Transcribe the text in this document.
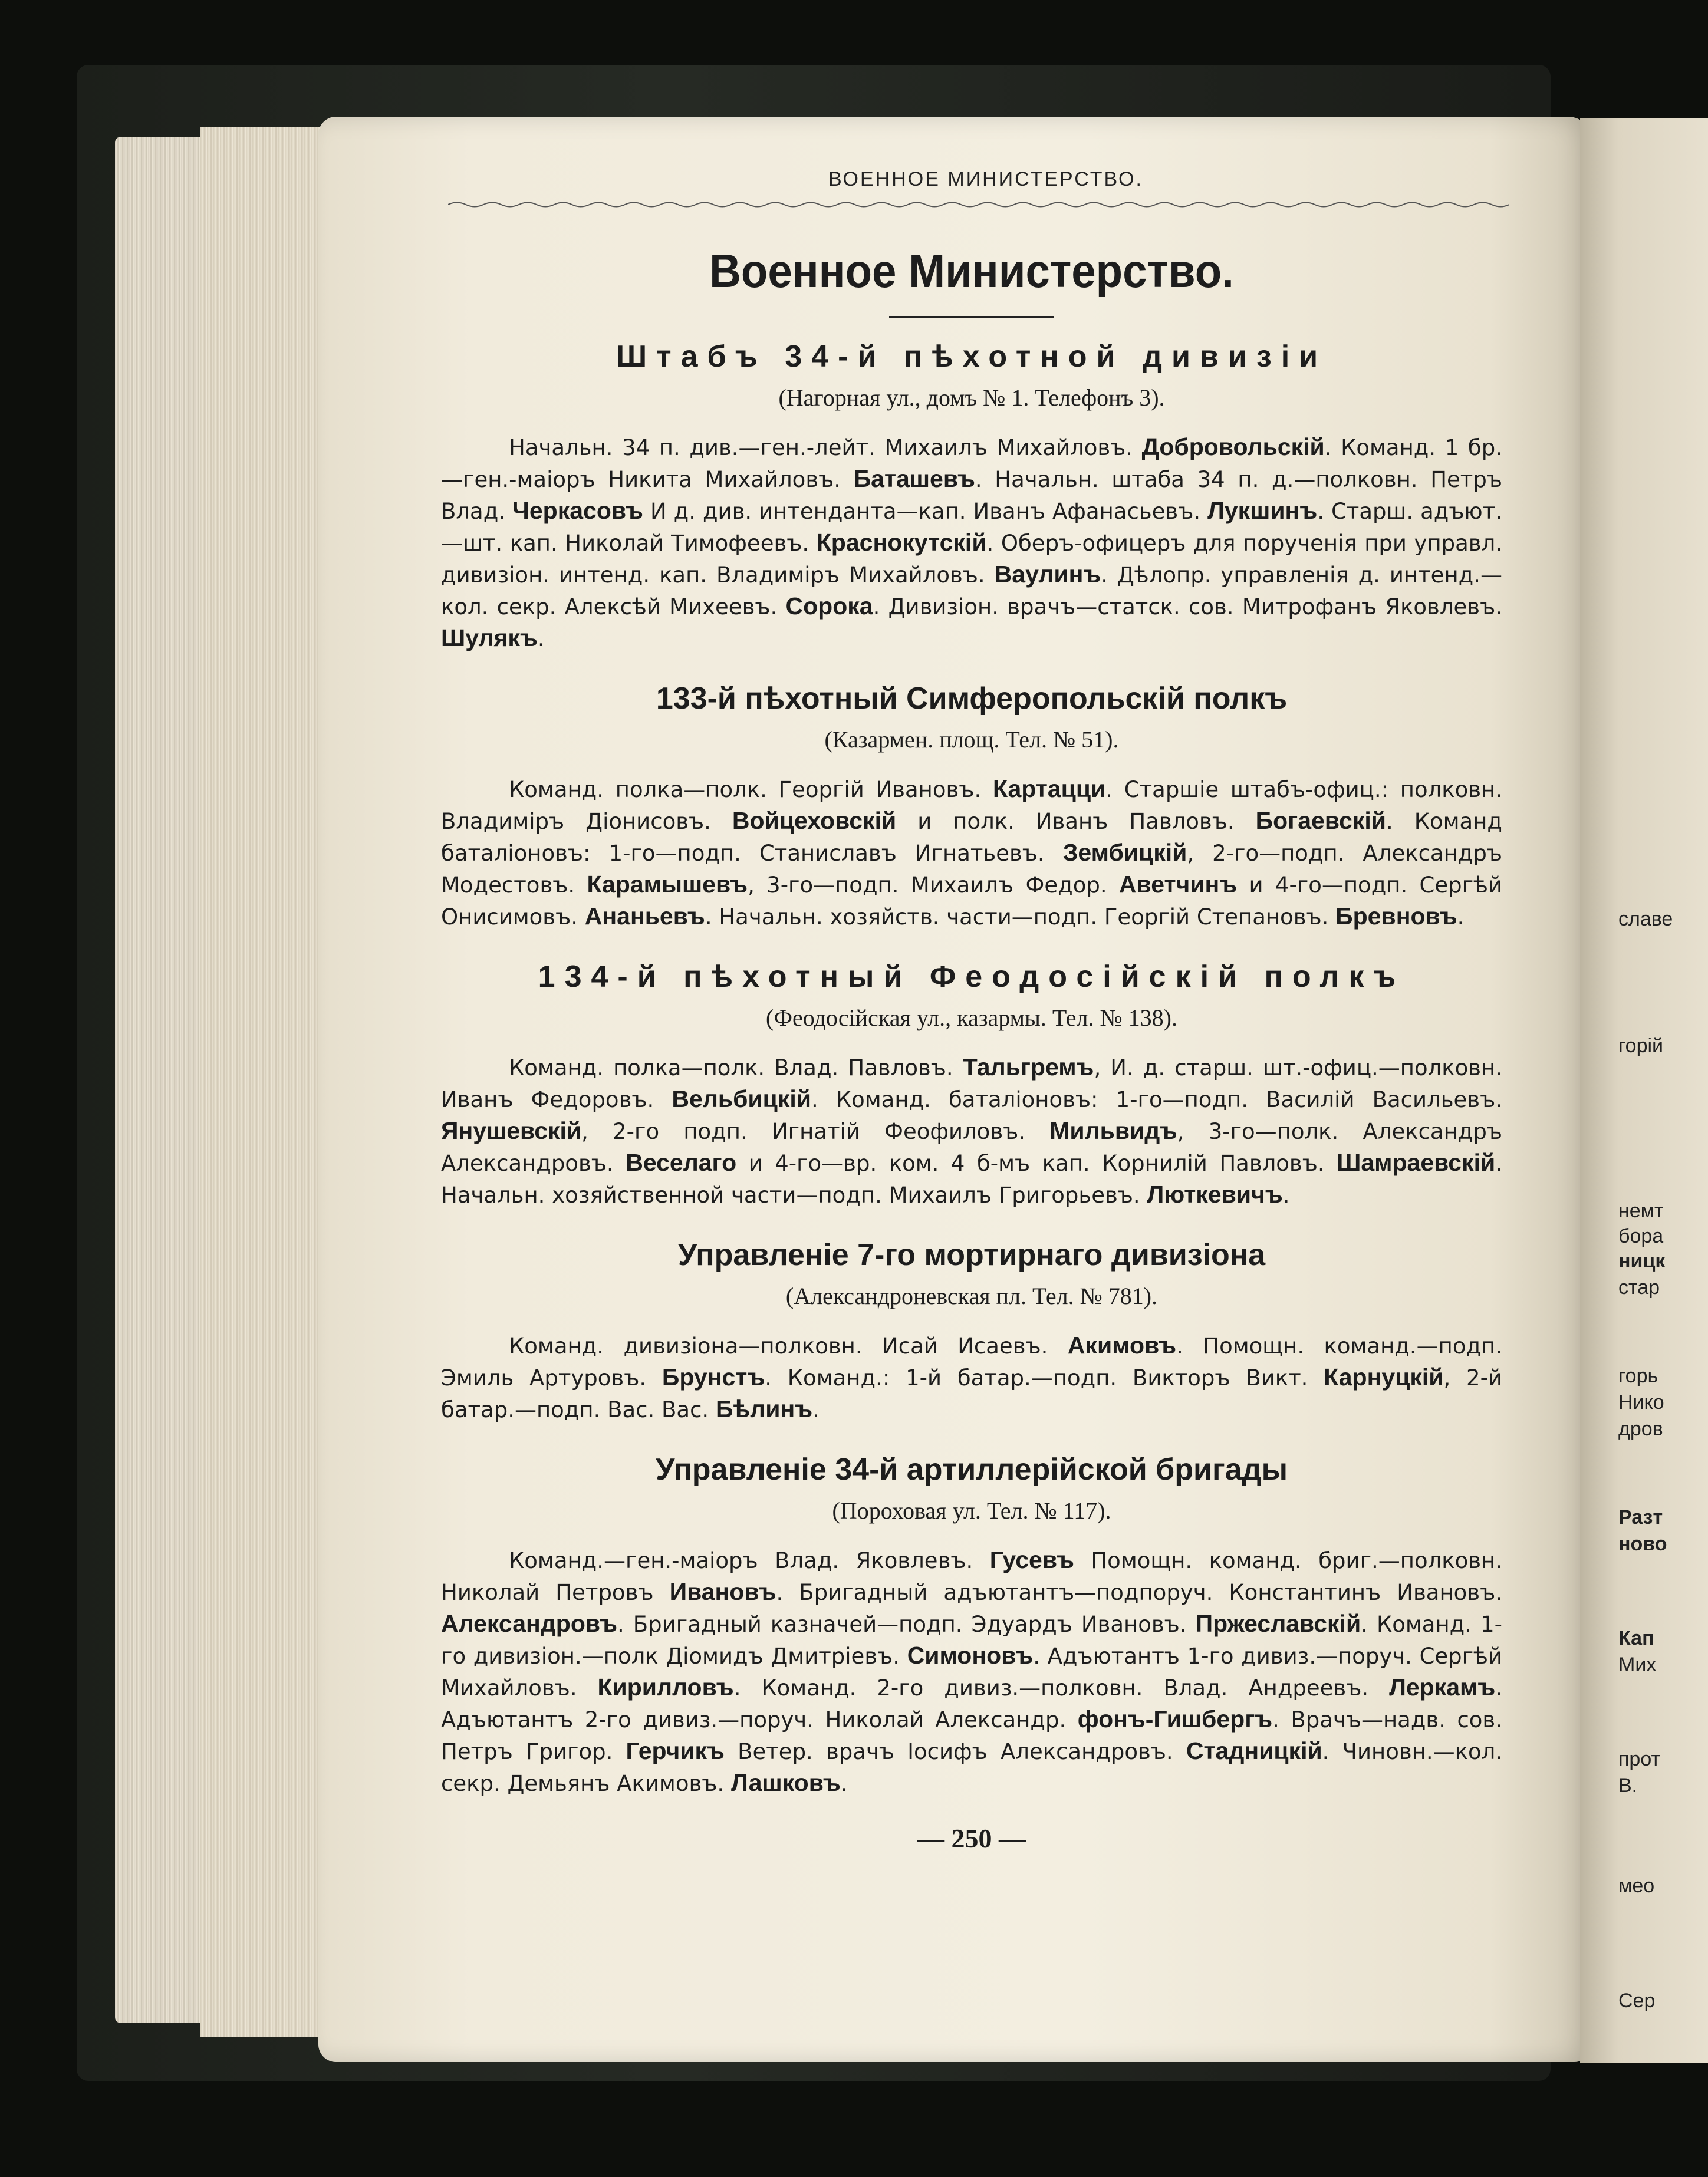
ВОЕННОЕ МИНИСТЕРСТВО.
Военное Министерство.
Штабъ 34-й пѣхотной дивизіи
(Нагорная ул., домъ № 1. Телефонъ 3).

Начальн. 34 п. див.—ген.-лейт. Михаилъ Михайловъ. Добровольскій. Команд. 1 бр.—ген.-маіоръ Никита Михайловъ. Баташевъ. Начальн. штаба 34 п. д.—полковн. Петръ Влад. Черкасовъ И д. див. интенданта—кап. Иванъ Афанасьевъ. Лукшинъ. Старш. адъют.—шт. кап. Николай Тимофеевъ. Краснокутскій. Оберъ-офицеръ для порученія при управл. дивизіон. интенд. кап. Владиміръ Михайловъ. Ваулинъ. Дѣлопр. управленія д. интенд.—кол. секр. Алексѣй Михеевъ. Сорока. Дивизіон. врачъ—статск. сов. Митрофанъ Яковлевъ. Шулякъ.

133-й пѣхотный Симферопольскій полкъ
(Казармен. площ. Тел. № 51).

Команд. полка—полк. Георгій Ивановъ. Картацци. Старшіе штабъ-офиц.: полковн. Владиміръ Діонисовъ. Войцеховскій и полк. Иванъ Павловъ. Богаевскій. Команд баталіоновъ: 1-го—подп. Станиславъ Игнатьевъ. Зембицкій, 2-го—подп. Александръ Модестовъ. Карамышевъ, 3-го—подп. Михаилъ Федор. Аветчинъ и 4-го—подп. Сергѣй Онисимовъ. Ананьевъ. Начальн. хозяйств. части—подп. Георгій Степановъ. Бревновъ.

134-й пѣхотный Феодосійскій полкъ
(Феодосійская ул., казармы. Тел. № 138).

Команд. полка—полк. Влад. Павловъ. Тальгремъ, И. д. старш. шт.-офиц.—полковн. Иванъ Федоровъ. Вельбицкій. Команд. баталіоновъ: 1-го—подп. Василій Васильевъ. Янушевскій, 2-го подп. Игнатій Феофиловъ. Мильвидъ, 3-го—полк. Александръ Александровъ. Веселаго и 4-го—вр. ком. 4 б-мъ кап. Корнилій Павловъ. Шамраевскій. Начальн. хозяйственной части—подп. Михаилъ Григорьевъ. Люткевичъ.

Управленіе 7-го мортирнаго дивизіона
(Александроневская пл. Тел. № 781).

Команд. дивизіона—полковн. Исай Исаевъ. Акимовъ. Помощн. команд.—подп. Эмиль Артуровъ. Брунстъ. Команд.: 1-й батар.—подп. Викторъ Викт. Карнуцкій, 2-й батар.—подп. Вас. Вас. Бѣлинъ.

Управленіе 34-й артиллерійской бригады
(Пороховая ул. Тел. № 117).

Команд.—ген.-маіоръ Влад. Яковлевъ. Гусевъ Помощн. команд. бриг.—полковн. Николай Петровъ Ивановъ. Бригадный адъютантъ—подпоруч. Константинъ Ивановъ. Александровъ. Бригадный казначей—подп. Эдуардъ Ивановъ. Пржеславскій. Команд. 1-го дивизіон.—полк Діомидъ Дмитріевъ. Симоновъ. Адъютантъ 1-го дивиз.—поруч. Сергѣй Михайловъ. Кирилловъ. Команд. 2-го дивиз.—полковн. Влад. Андреевъ. Леркамъ. Адъютантъ 2-го дивиз.—поруч. Николай Александр. фонъ-Гишбергъ. Врачъ—надв. сов. Петръ Григор. Герчикъ Ветер. врачъ Іосифъ Александровъ. Стадницкій. Чиновн.—кол. секр. Демьянъ Акимовъ. Лашковъ.

— 250 —
славе
горій
немт
бора
ницк
стар
горь
Нико
дров
Разт
ново
Кап
Мих
прот
В.
мео
Сер
